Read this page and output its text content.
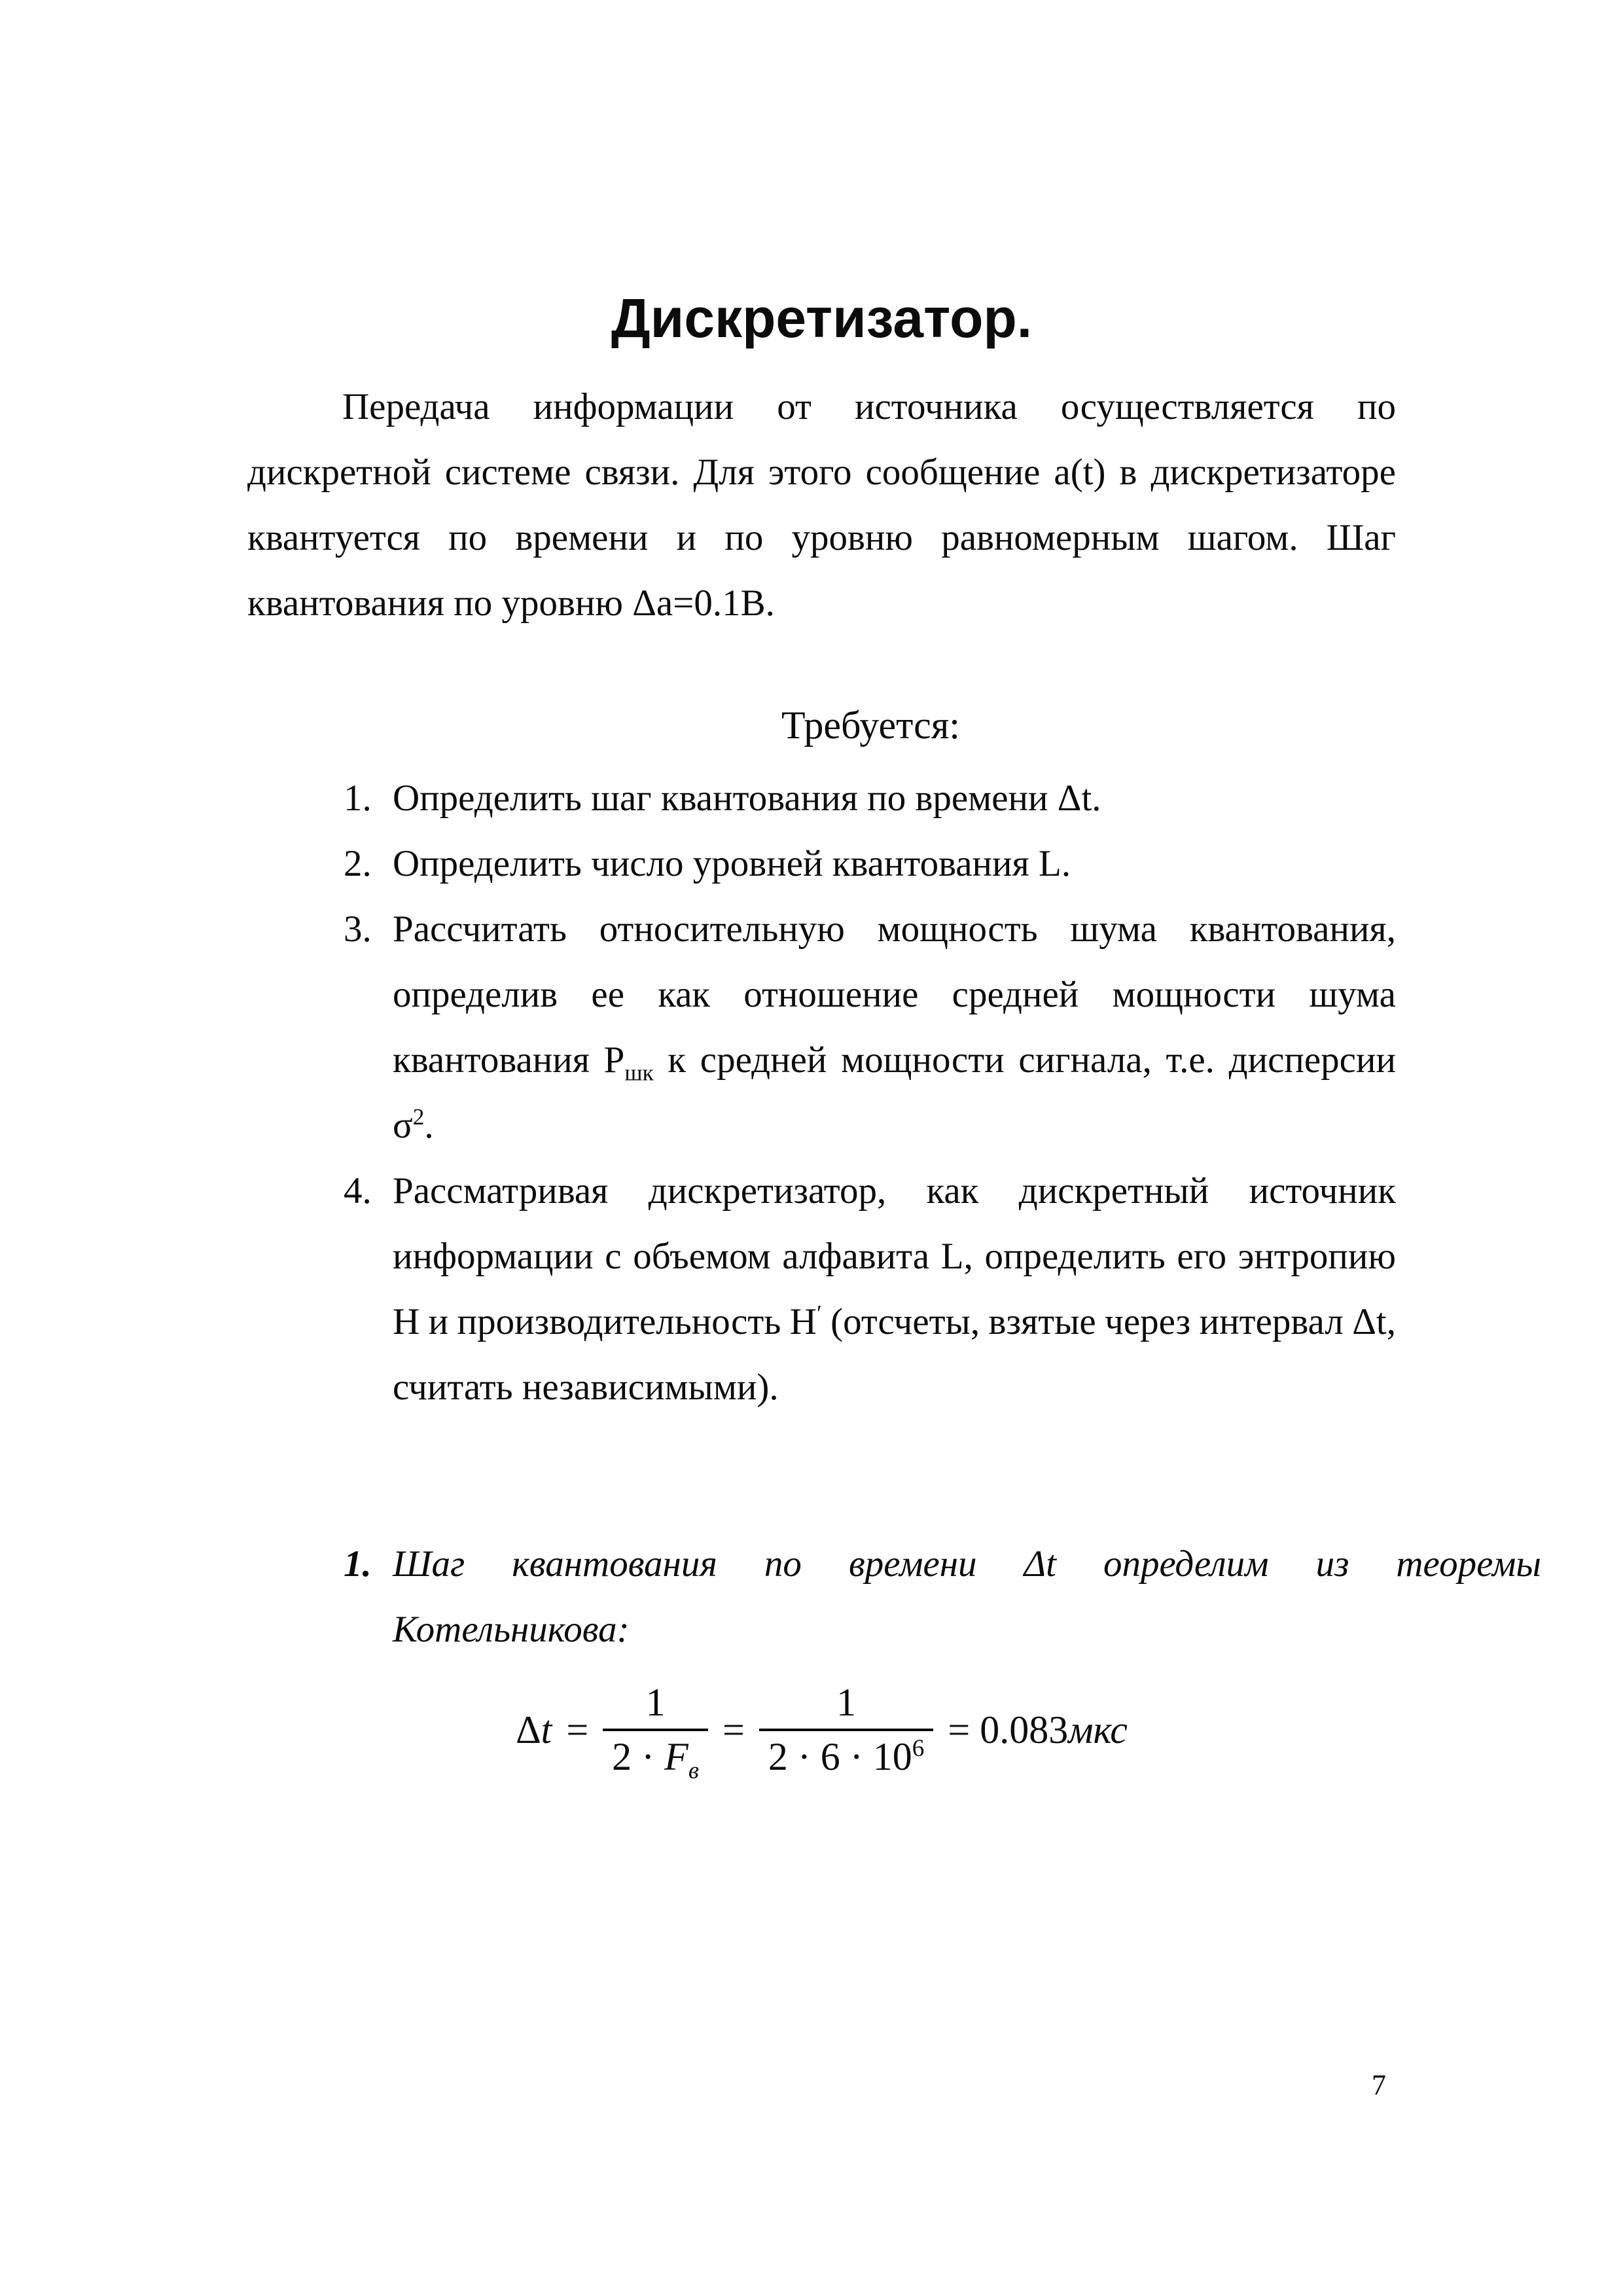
Дискретизатор.
Передача информации от источника осуществляется по
дискретной системе связи. Для этого сообщение a(t) в дискретизаторе
квантуется по времени и по уровню равномерным шагом. Шаг
квантования по уровню Δа=0.1В.
Требуется:
1. Определить шаг квантования по времени Δt.
2. Определить число уровней квантования L.
3. Рассчитать относительную мощность шума квантования,
определив ее как отношение средней мощности шума
квантования $Р_{шк}$ к средней мощности сигнала, т.е. дисперсии
$\sigma^2$.
4. Рассматривая дискретизатор, как дискретный источник
информации с объемом алфавита L, определить его энтропию
Н и производительность Н′ (отсчеты, взятые через интервал Δt,
считать независимыми).
1. Шаг квантования по времени Δt определим из теоремы
Котельникова:
$\Delta t = \frac{1}{2 \cdot F_в} = \frac{1}{2 \cdot 6 \cdot 10^6} = 0.083мкс$
7
